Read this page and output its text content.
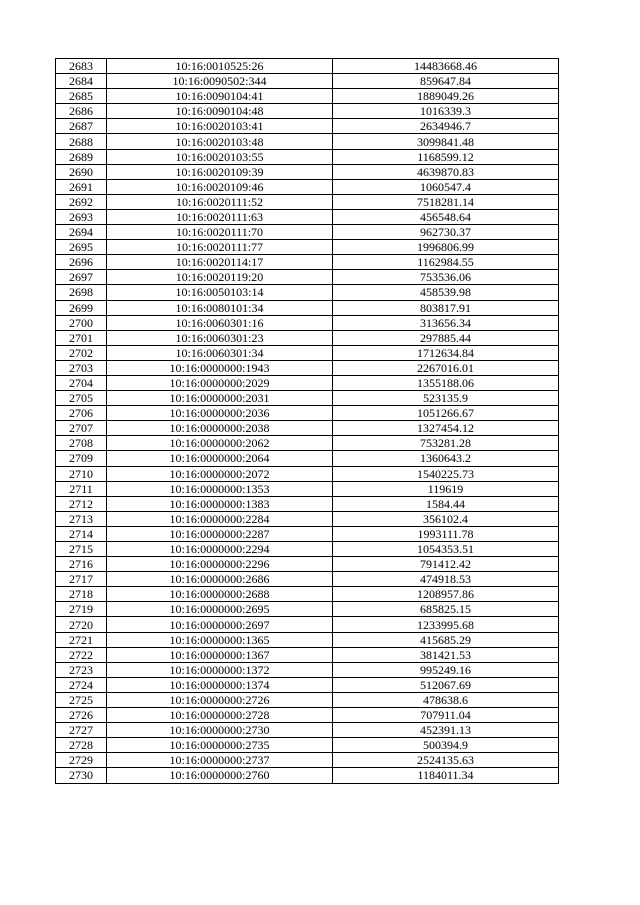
2683	10:16:0010525:26	14483668.46
2684	10:16:0090502:344	859647.84
2685	10:16:0090104:41	1889049.26
2686	10:16:0090104:48	1016339.3
2687	10:16:0020103:41	2634946.7
2688	10:16:0020103:48	3099841.48
2689	10:16:0020103:55	1168599.12
2690	10:16:0020109:39	4639870.83
2691	10:16:0020109:46	1060547.4
2692	10:16:0020111:52	7518281.14
2693	10:16:0020111:63	456548.64
2694	10:16:0020111:70	962730.37
2695	10:16:0020111:77	1996806.99
2696	10:16:0020114:17	1162984.55
2697	10:16:0020119:20	753536.06
2698	10:16:0050103:14	458539.98
2699	10:16:0080101:34	803817.91
2700	10:16:0060301:16	313656.34
2701	10:16:0060301:23	297885.44
2702	10:16:0060301:34	1712634.84
2703	10:16:0000000:1943	2267016.01
2704	10:16:0000000:2029	1355188.06
2705	10:16:0000000:2031	523135.9
2706	10:16:0000000:2036	1051266.67
2707	10:16:0000000:2038	1327454.12
2708	10:16:0000000:2062	753281.28
2709	10:16:0000000:2064	1360643.2
2710	10:16:0000000:2072	1540225.73
2711	10:16:0000000:1353	119619
2712	10:16:0000000:1383	1584.44
2713	10:16:0000000:2284	356102.4
2714	10:16:0000000:2287	1993111.78
2715	10:16:0000000:2294	1054353.51
2716	10:16:0000000:2296	791412.42
2717	10:16:0000000:2686	474918.53
2718	10:16:0000000:2688	1208957.86
2719	10:16:0000000:2695	685825.15
2720	10:16:0000000:2697	1233995.68
2721	10:16:0000000:1365	415685.29
2722	10:16:0000000:1367	381421.53
2723	10:16:0000000:1372	995249.16
2724	10:16:0000000:1374	512067.69
2725	10:16:0000000:2726	478638.6
2726	10:16:0000000:2728	707911.04
2727	10:16:0000000:2730	452391.13
2728	10:16:0000000:2735	500394.9
2729	10:16:0000000:2737	2524135.63
2730	10:16:0000000:2760	1184011.34
